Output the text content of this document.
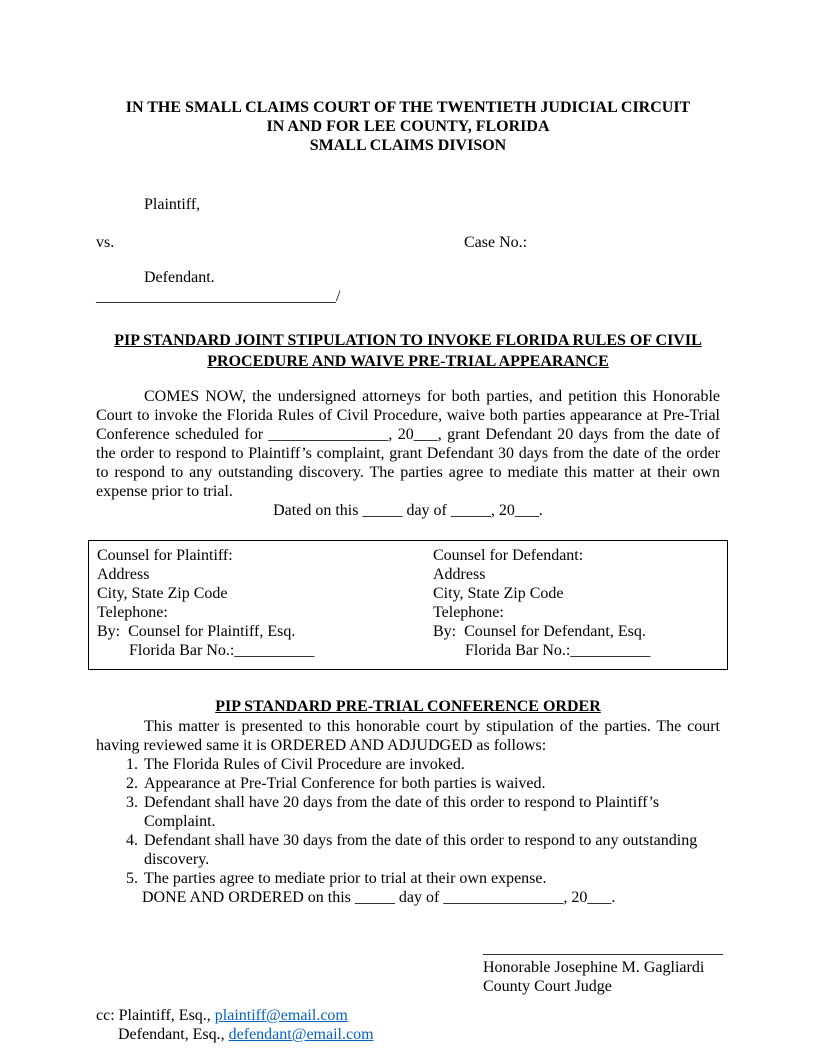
IN THE SMALL CLAIMS COURT OF THE TWENTIETH JUDICIAL CIRCUIT
IN AND FOR LEE COUNTY, FLORIDA
SMALL CLAIMS DIVISON
Plaintiff,
vs.	Case No.:
Defendant.
______________________________/
PIP STANDARD JOINT STIPULATION TO INVOKE FLORIDA RULES OF CIVIL
PROCEDURE AND WAIVE PRE-TRIAL APPEARANCE
COMES NOW, the undersigned attorneys for both parties, and petition this Honorable Court to invoke the Florida Rules of Civil Procedure, waive both parties appearance at Pre-Trial Conference scheduled for _______________, 20___, grant Defendant 20 days from the date of the order to respond to Plaintiff’s complaint, grant Defendant 30 days from the date of the order to respond to any outstanding discovery. The parties agree to mediate this matter at their own expense prior to trial.
Dated on this _____ day of _____, 20___.
Counsel for Plaintiff:
Address
City, State Zip Code
Telephone:
By:  Counsel for Plaintiff, Esq.
Florida Bar No.:__________
Counsel for Defendant:
Address
City, State Zip Code
Telephone:
By:  Counsel for Defendant, Esq.
Florida Bar No.:__________
PIP STANDARD PRE-TRIAL CONFERENCE ORDER
This matter is presented to this honorable court by stipulation of the parties. The court having reviewed same it is ORDERED AND ADJUDGED as follows:
1. The Florida Rules of Civil Procedure are invoked.
2. Appearance at Pre-Trial Conference for both parties is waived.
3. Defendant shall have 20 days from the date of this order to respond to Plaintiff’s Complaint.
4. Defendant shall have 30 days from the date of this order to respond to any outstanding discovery.
5. The parties agree to mediate prior to trial at their own expense.
DONE AND ORDERED on this _____ day of _______________, 20___.
______________________________
Honorable Josephine M. Gagliardi
County Court Judge
cc: Plaintiff, Esq., plaintiff@email.com
Defendant, Esq., defendant@email.com
